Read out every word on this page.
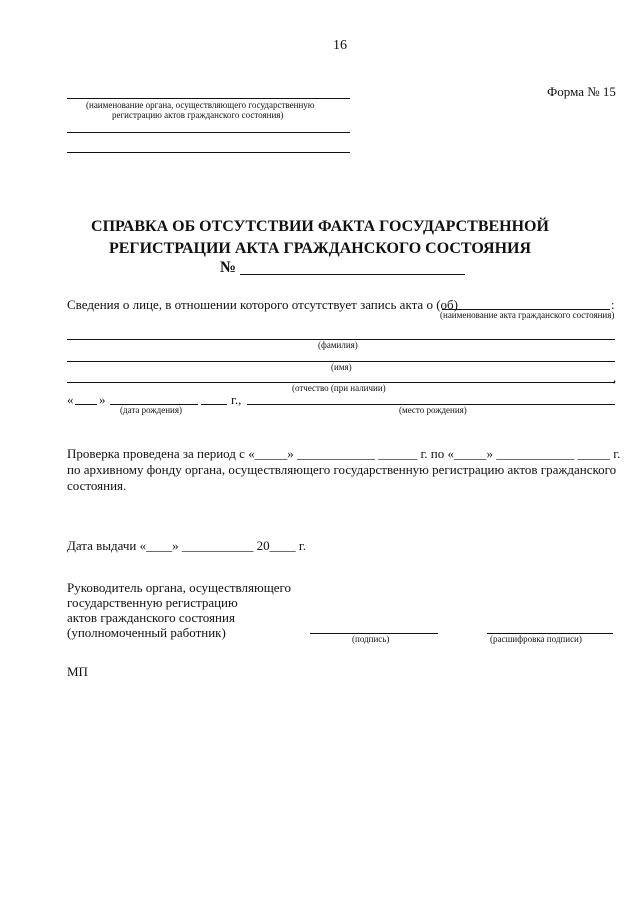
16
Форма № 15
(наименование органа, осуществляющего государственную
регистрацию актов гражданского состояния)
СПРАВКА ОБ ОТСУТСТВИИ ФАКТА ГОСУДАРСТВЕННОЙ
РЕГИСТРАЦИИ АКТА ГРАЖДАНСКОГО СОСТОЯНИЯ
№
Сведения о лице, в отношении которого отсутствует запись акта о (об)	:
(наименование акта гражданского состояния)
(фамилия)
(имя)
,
(отчество (при наличии)
« »	г.,
(дата рождения)	(место рождения)
Проверка проведена за период с «_____» ____________ ______ г. по «_____» ____________ _____ г.
по архивному фонду органа, осуществляющего государственную регистрацию актов гражданского
состояния.
Дата выдачи «____» ___________ 20____ г.
Руководитель органа, осуществляющего
государственную регистрацию
актов гражданского состояния
(уполномоченный работник)	(подпись)	(расшифровка подписи)
МП
